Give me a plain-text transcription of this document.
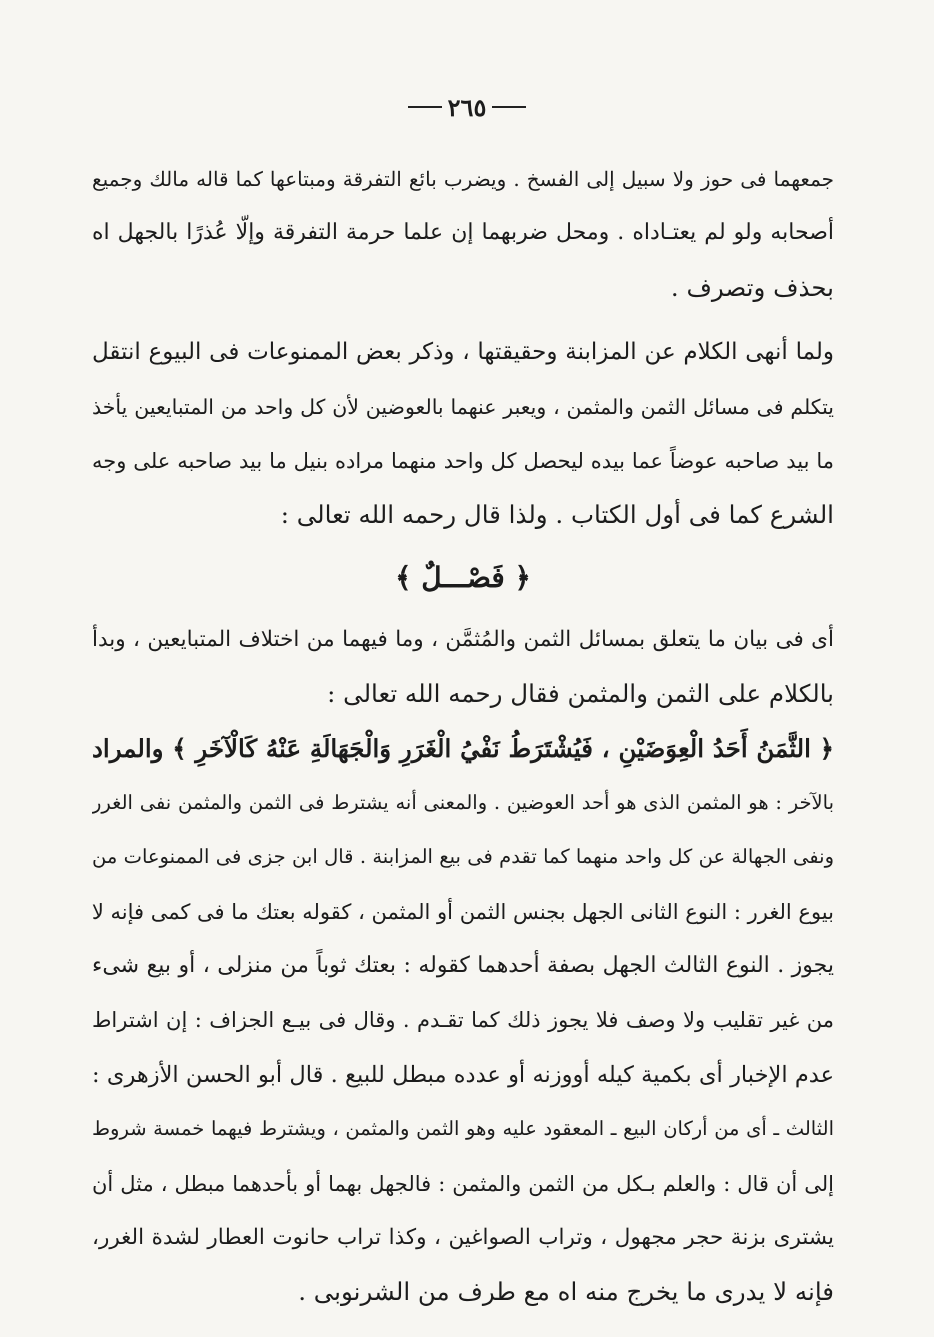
٢٦٥
جمعهما فى حوز ولا سبيل إلى الفسخ . ويضرب بائع التفرقة ومبتاعها كما قاله مالك وجميع
أصحابه ولو لم يعتـاداه . ومحل ضربهما إن علما حرمة التفرقة وإلّا عُذرًا بالجهل اه
بحذف وتصرف .
ولما أنهى الكلام عن المزابنة وحقيقتها ، وذكر بعض الممنوعات فى البيوع انتقل
يتكلم فى مسائل الثمن والمثمن ، ويعبر عنهما بالعوضين لأن كل واحد من المتبايعين يأخذ
ما بيد صاحبه عوضاً عما بيده ليحصل كل واحد منهما مراده بنيل ما بيد صاحبه على وجه
الشرع كما فى أول الكتاب . ولذا قال رحمه الله تعالى :
﴿ فَصْـــلٌ ﴾
أى فى بيان ما يتعلق بمسائل الثمن والمُثمَّن ، وما فيهما من اختلاف المتبايعين ، وبدأ
بالكلام على الثمن والمثمن فقال رحمه الله تعالى :
﴿ الثَّمَنُ أَحَدُ الْعِوَضَيْنِ ، فَيُشْتَرَطُ نَفْيُ الْغَرَرِ وَالْجَهَالَةِ عَنْهُ كَالْآخَرِ ﴾ والمراد
بالآخر : هو المثمن الذى هو أحد العوضين . والمعنى أنه يشترط فى الثمن والمثمن نفى الغرر
ونفى الجهالة عن كل واحد منهما كما تقدم فى بيع المزابنة . قال ابن جزى فى الممنوعات من
بيوع الغرر : النوع الثانى الجهل بجنس الثمن أو المثمن ، كقوله بعتك ما فى كمى فإنه لا
يجوز . النوع الثالث الجهل بصفة أحدهما كقوله : بعتك ثوباً من منزلى ، أو بيع شىء
من غير تقليب ولا وصف فلا يجوز ذلك كما تقـدم . وقال فى بيـع الجزاف : إن اشتراط
عدم الإخبار أى بكمية كيله أووزنه أو عدده مبطل للبيع . قال أبو الحسن الأزهرى :
الثالث ـ أى من أركان البيع ـ المعقود عليه وهو الثمن والمثمن ، ويشترط فيهما خمسة شروط
إلى أن قال : والعلم بـكل من الثمن والمثمن : فالجهل بهما أو بأحدهما مبطل ، مثل أن
يشترى بزنة حجر مجهول ، وتراب الصواغين ، وكذا تراب حانوت العطار لشدة الغرر،
فإنه لا يدرى ما يخرج منه اه مع طرف من الشرنوبى .
